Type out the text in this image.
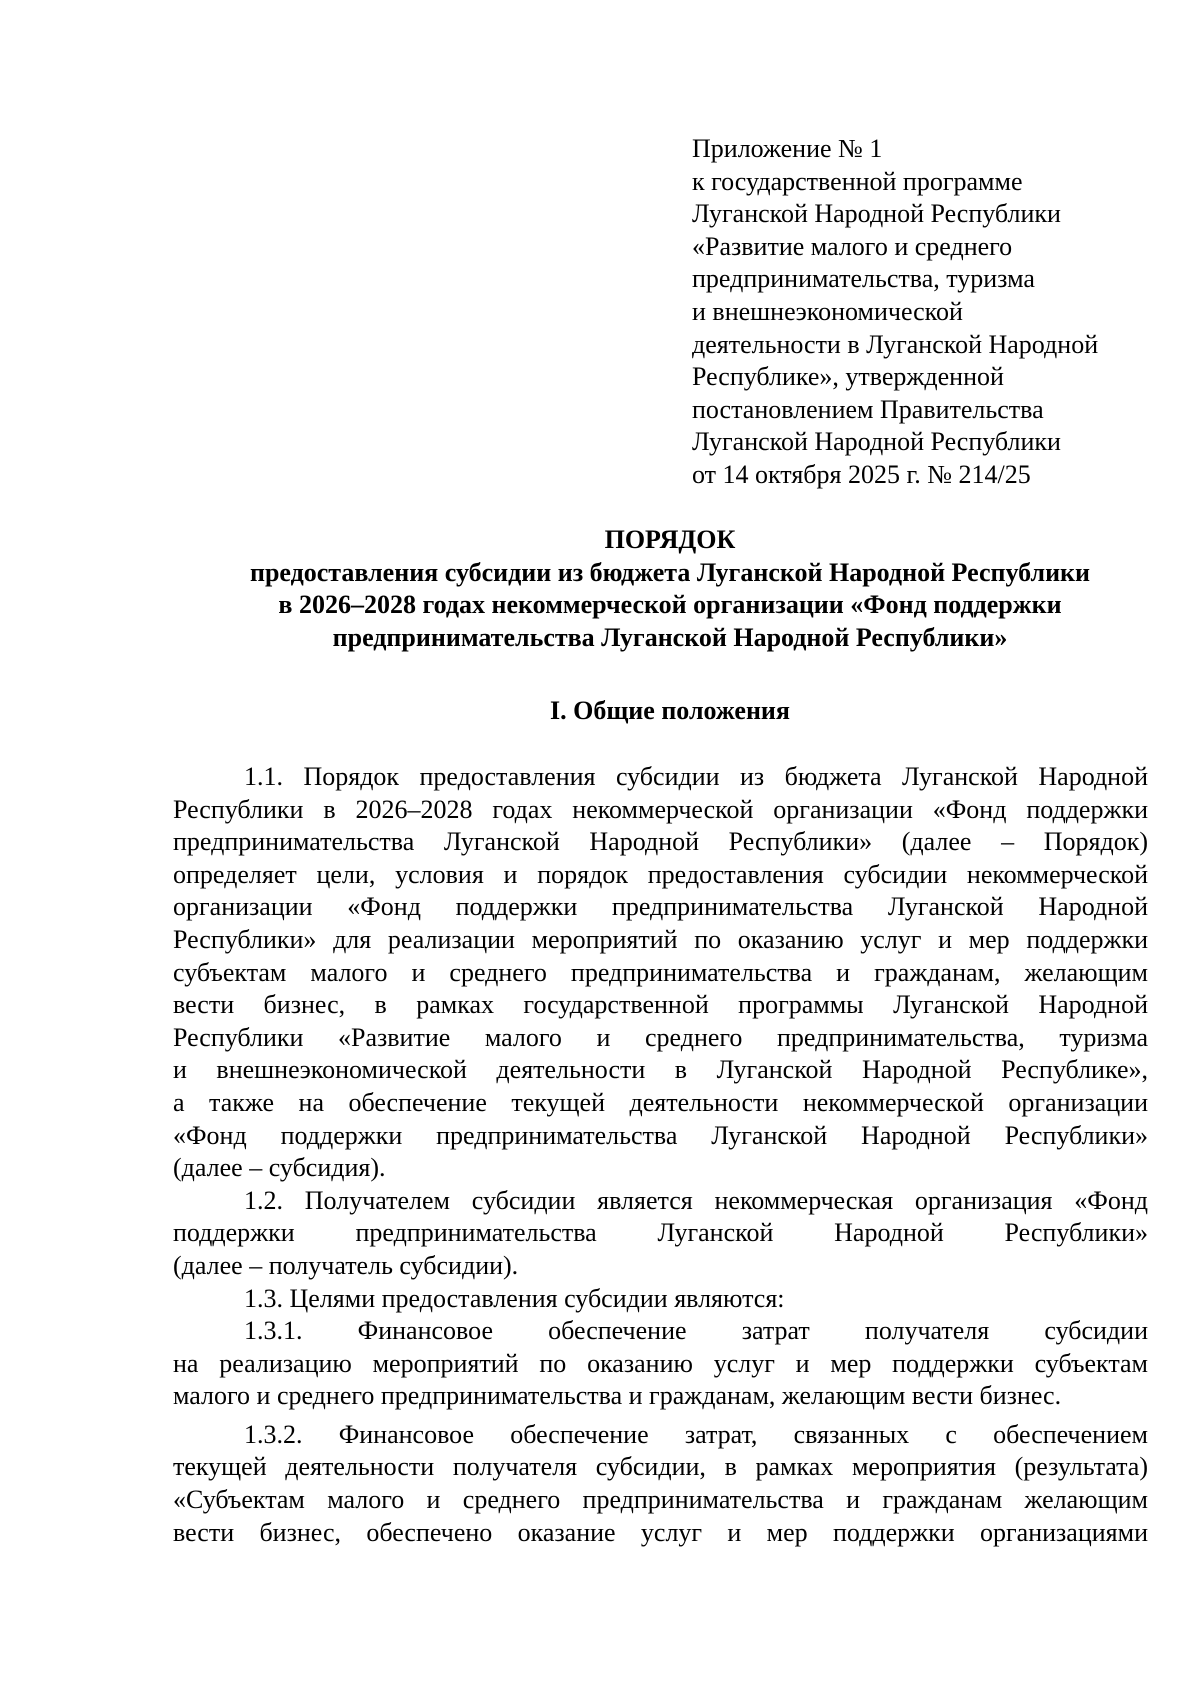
Приложение № 1
к государственной программе
Луганской Народной Республики
«Развитие малого и среднего
предпринимательства, туризма
и внешнеэкономической
деятельности в Луганской Народной
Республике», утвержденной
постановлением Правительства
Луганской Народной Республики
от 14 октября 2025 г. № 214/25
ПОРЯДОК
предоставления субсидии из бюджета Луганской Народной Республики
в 2026–2028 годах некоммерческой организации «Фонд поддержки
предпринимательства Луганской Народной Республики»
I. Общие положения
1.1. Порядок предоставления субсидии из бюджета Луганской Народной
Республики в 2026–2028 годах некоммерческой организации «Фонд поддержки
предпринимательства Луганской Народной Республики» (далее – Порядок)
определяет цели, условия и порядок предоставления субсидии некоммерческой
организации «Фонд поддержки предпринимательства Луганской Народной
Республики» для реализации мероприятий по оказанию услуг и мер поддержки
субъектам малого и среднего предпринимательства и гражданам, желающим
вести бизнес, в рамках государственной программы Луганской Народной
Республики «Развитие малого и среднего предпринимательства, туризма
и внешнеэкономической деятельности в Луганской Народной Республике»,
а также на обеспечение текущей деятельности некоммерческой организации
«Фонд поддержки предпринимательства Луганской Народной Республики»
(далее – субсидия).
1.2. Получателем субсидии является некоммерческая организация «Фонд
поддержки предпринимательства Луганской Народной Республики»
(далее – получатель субсидии).
1.3. Целями предоставления субсидии являются:
1.3.1. Финансовое обеспечение затрат получателя субсидии
на реализацию мероприятий по оказанию услуг и мер поддержки субъектам
малого и среднего предпринимательства и гражданам, желающим вести бизнес.
1.3.2. Финансовое обеспечение затрат, связанных с обеспечением
текущей деятельности получателя субсидии, в рамках мероприятия (результата)
«Субъектам малого и среднего предпринимательства и гражданам желающим
вести бизнес, обеспечено оказание услуг и мер поддержки организациями
